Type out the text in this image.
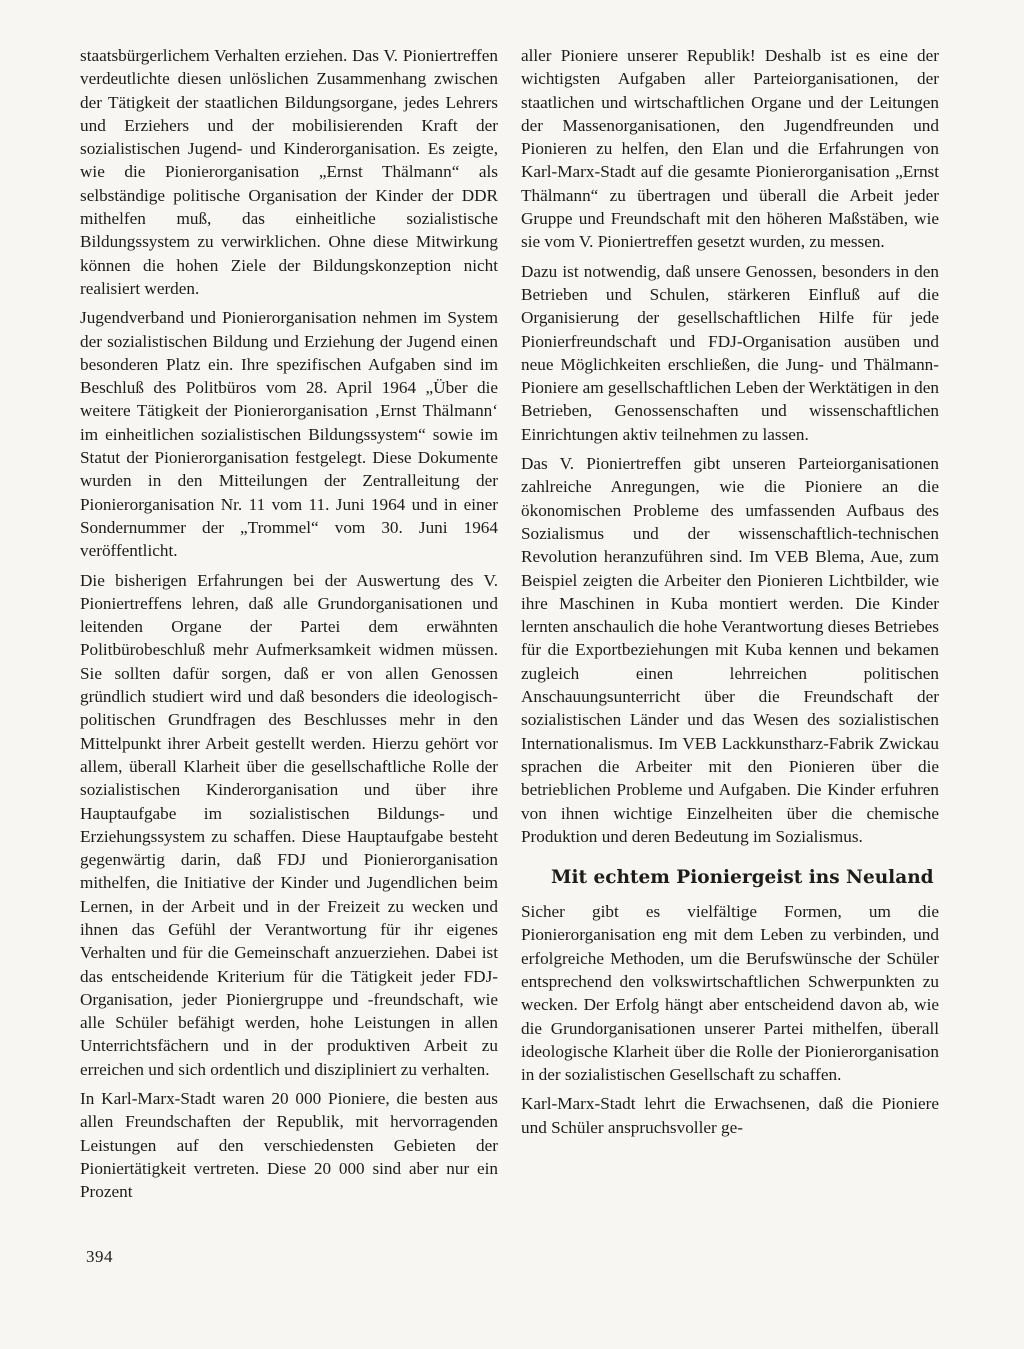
staatsbürgerlichem Verhalten erziehen. Das V. Pioniertreffen verdeutlichte diesen unlöslichen Zusammenhang zwischen der Tätigkeit der staatlichen Bildungsorgane, jedes Lehrers und Erziehers und der mobilisierenden Kraft der sozialistischen Jugend- und Kinderorganisation. Es zeigte, wie die Pionierorganisation „Ernst Thälmann“ als selbständige politische Organisation der Kinder der DDR mithelfen muß, das einheitliche sozialistische Bildungssystem zu verwirklichen. Ohne diese Mitwirkung können die hohen Ziele der Bildungskonzeption nicht realisiert werden.

Jugendverband und Pionierorganisation nehmen im System der sozialistischen Bildung und Erziehung der Jugend einen besonderen Platz ein. Ihre spezifischen Aufgaben sind im Beschluß des Politbüros vom 28. April 1964 „Über die weitere Tätigkeit der Pionierorganisation ‚Ernst Thälmann‘ im einheitlichen sozialistischen Bildungssystem“ sowie im Statut der Pionierorganisation festgelegt. Diese Dokumente wurden in den Mitteilungen der Zentralleitung der Pionierorganisation Nr. 11 vom 11. Juni 1964 und in einer Sondernummer der „Trommel“ vom 30. Juni 1964 veröffentlicht.

Die bisherigen Erfahrungen bei der Auswertung des V. Pioniertreffens lehren, daß alle Grundorganisationen und leitenden Organe der Partei dem erwähnten Politbürobeschluß mehr Aufmerksamkeit widmen müssen. Sie sollten dafür sorgen, daß er von allen Genossen gründlich studiert wird und daß besonders die ideologisch-politischen Grundfragen des Beschlusses mehr in den Mittelpunkt ihrer Arbeit gestellt werden. Hierzu gehört vor allem, überall Klarheit über die gesellschaftliche Rolle der sozialistischen Kinderorganisation und über ihre Hauptaufgabe im sozialistischen Bildungs- und Erziehungssystem zu schaffen. Diese Hauptaufgabe besteht gegenwärtig darin, daß FDJ und Pionierorganisation mithelfen, die Initiative der Kinder und Jugendlichen beim Lernen, in der Arbeit und in der Freizeit zu wecken und ihnen das Gefühl der Verantwortung für ihr eigenes Verhalten und für die Gemeinschaft anzuerziehen. Dabei ist das entscheidende Kriterium für die Tätigkeit jeder FDJ-Organisation, jeder Pioniergruppe und -freundschaft, wie alle Schüler befähigt werden, hohe Leistungen in allen Unterrichtsfächern und in der produktiven Arbeit zu erreichen und sich ordentlich und diszipliniert zu verhalten.

In Karl-Marx-Stadt waren 20 000 Pioniere, die besten aus allen Freundschaften der Republik, mit hervorragenden Leistungen auf den verschiedensten Gebieten der Pioniertätigkeit vertreten. Diese 20 000 sind aber nur ein Prozent

aller Pioniere unserer Republik! Deshalb ist es eine der wichtigsten Aufgaben aller Parteiorganisationen, der staatlichen und wirtschaftlichen Organe und der Leitungen der Massenorganisationen, den Jugendfreunden und Pionieren zu helfen, den Elan und die Erfahrungen von Karl-Marx-Stadt auf die gesamte Pionierorganisation „Ernst Thälmann“ zu übertragen und überall die Arbeit jeder Gruppe und Freundschaft mit den höheren Maßstäben, wie sie vom V. Pioniertreffen gesetzt wurden, zu messen.

Dazu ist notwendig, daß unsere Genossen, besonders in den Betrieben und Schulen, stärkeren Einfluß auf die Organisierung der gesellschaftlichen Hilfe für jede Pionierfreundschaft und FDJ-Organisation ausüben und neue Möglichkeiten erschließen, die Jung- und Thälmann-Pioniere am gesellschaftlichen Leben der Werktätigen in den Betrieben, Genossenschaften und wissenschaftlichen Einrichtungen aktiv teilnehmen zu lassen.

Das V. Pioniertreffen gibt unseren Parteiorganisationen zahlreiche Anregungen, wie die Pioniere an die ökonomischen Probleme des umfassenden Aufbaus des Sozialismus und der wissenschaftlich-technischen Revolution heranzuführen sind. Im VEB Blema, Aue, zum Beispiel zeigten die Arbeiter den Pionieren Lichtbilder, wie ihre Maschinen in Kuba montiert werden. Die Kinder lernten anschaulich die hohe Verantwortung dieses Betriebes für die Exportbeziehungen mit Kuba kennen und bekamen zugleich einen lehrreichen politischen Anschauungsunterricht über die Freundschaft der sozialistischen Länder und das Wesen des sozialistischen Internationalismus. Im VEB Lackkunstharz-Fabrik Zwickau sprachen die Arbeiter mit den Pionieren über die betrieblichen Probleme und Aufgaben. Die Kinder erfuhren von ihnen wichtige Einzelheiten über die chemische Produktion und deren Bedeutung im Sozialismus.

Mit echtem Pioniergeist ins Neuland

Sicher gibt es vielfältige Formen, um die Pionierorganisation eng mit dem Leben zu verbinden, und erfolgreiche Methoden, um die Berufswünsche der Schüler entsprechend den volkswirtschaftlichen Schwerpunkten zu wecken. Der Erfolg hängt aber entscheidend davon ab, wie die Grundorganisationen unserer Partei mithelfen, überall ideologische Klarheit über die Rolle der Pionierorganisation in der sozialistischen Gesellschaft zu schaffen.

Karl-Marx-Stadt lehrt die Erwachsenen, daß die Pioniere und Schüler anspruchsvoller ge-

394
